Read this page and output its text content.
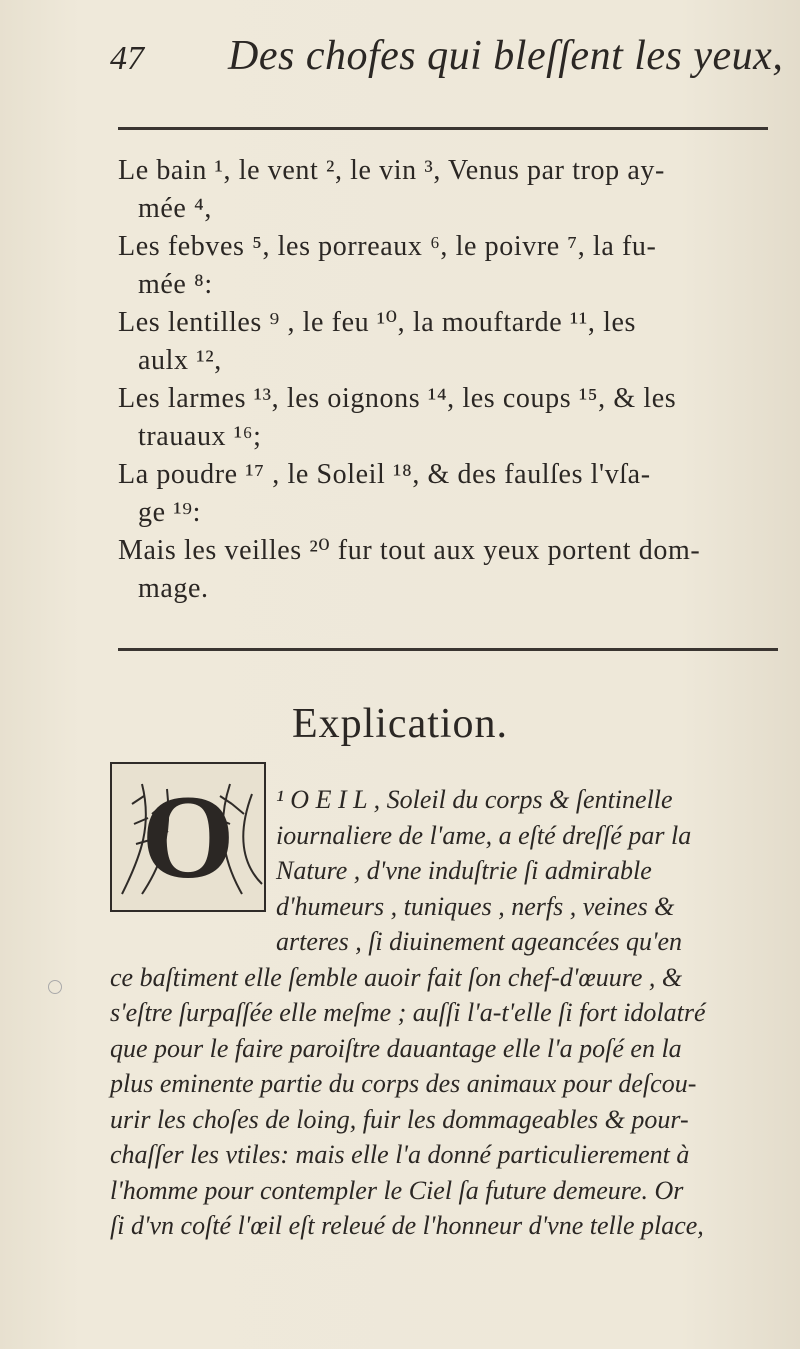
47 Des chofes qui bleſſent les yeux,
Le bain ¹, le vent ², le vin ³, Venus par trop ay-
mée ⁴,
Les febves ⁵, les porreaux ⁶, le poivre ⁷, la fu-
mée ⁸:
Les lentilles ⁹ , le feu ¹⁰, la mouftarde ¹¹, les
aulx ¹²,
Les larmes ¹³, les oignons ¹⁴, les coups ¹⁵, & les
trauaux ¹⁶;
La poudre ¹⁷ , le Soleil ¹⁸, & des faulſes l'vſa-
ge ¹⁹:
Mais les veilles ²⁰ fur tout aux yeux portent dom-
mage.
Explication.
O	¹ O E I L , Soleil du corps & ſentinelle
iournaliere de l'ame, a eſté dreſſé par la
Nature , d'vne induſtrie ſi admirable
d'humeurs , tuniques , nerfs , veines &
arteres , ſi diuinement ageancées qu'en
ce baſtiment elle ſemble auoir fait ſon chef-d'œuure , &
s'eſtre ſurpaſſée elle meſme ; auſſi l'a-t'elle ſi fort idolatré
que pour le faire paroiſtre dauantage elle l'a poſé en la
plus eminente partie du corps des animaux pour deſcou-
urir les choſes de loing, fuir les dommageables & pour-
chaſſer les vtiles: mais elle l'a donné particulierement à
l'homme pour contempler le Ciel ſa future demeure. Or
ſi d'vn coſté l'œil eſt releué de l'honneur d'vne telle place,
